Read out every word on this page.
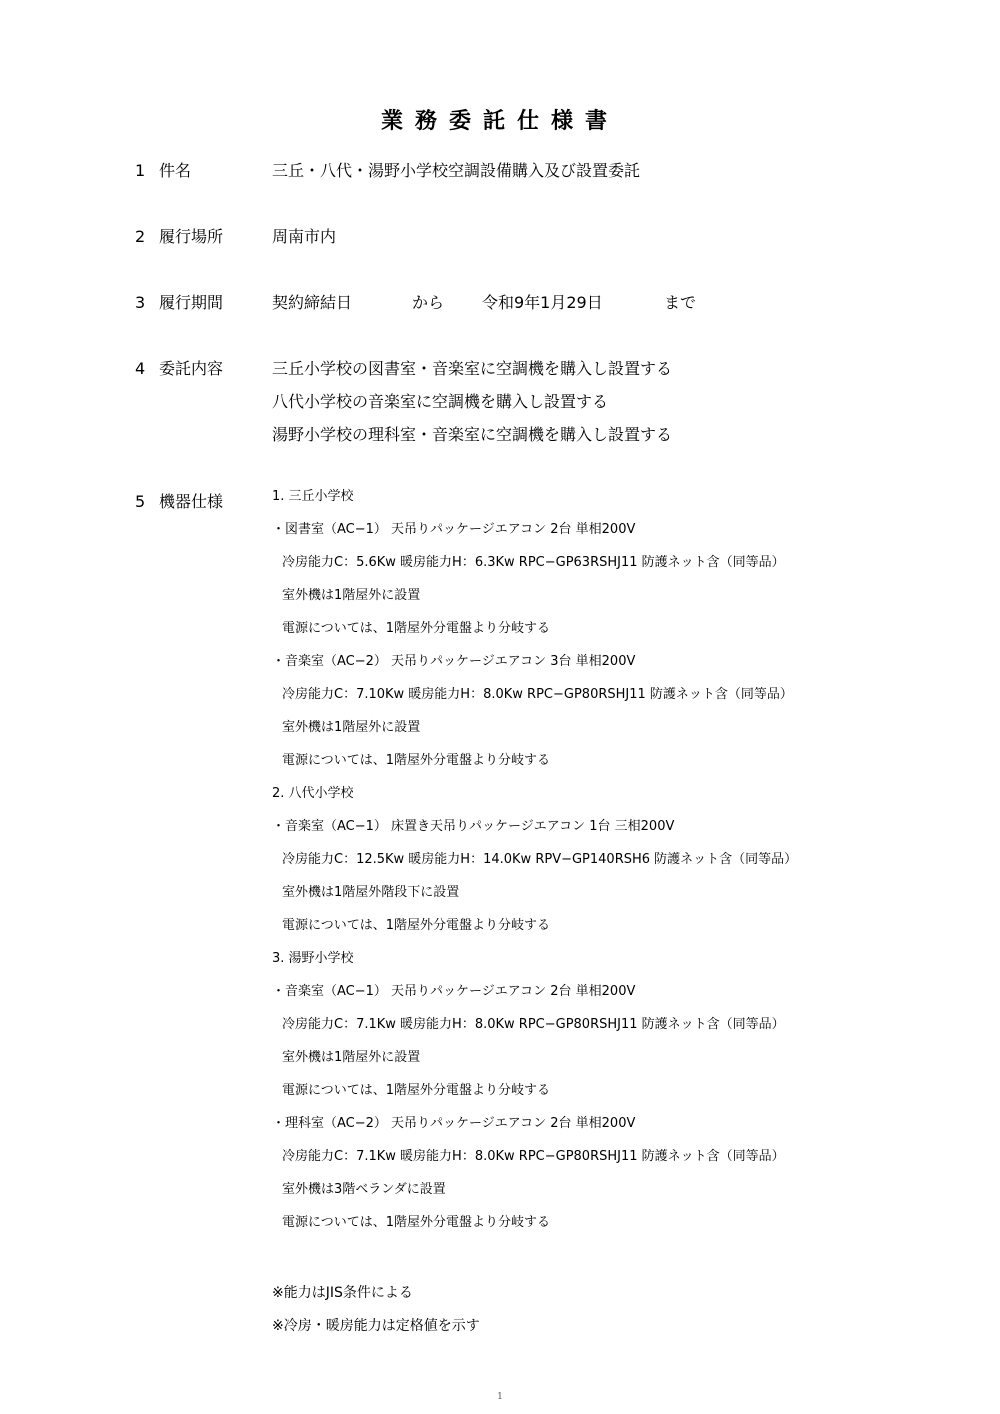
業務委託仕様書
1 件名	三丘・八代・湯野小学校空調設備購入及び設置委託
2 履行場所	周南市内
3 履行期間	契約締結日	から 令和9年1月29日	まで
4 委託内容	三丘小学校の図書室・音楽室に空調機を購入し設置する
八代小学校の音楽室に空調機を購入し設置する
湯野小学校の理科室・音楽室に空調機を購入し設置する
5 機器仕様	1. 三丘小学校
・図書室（AC−1） 天吊りパッケージエアコン 2台 単相200V
冷房能力C：5.6Kw 暖房能力H：6.3Kw RPC−GP63RSHJ11 防護ネット含（同等品）
室外機は1階屋外に設置
電源については、1階屋外分電盤より分岐する
・音楽室（AC−2） 天吊りパッケージエアコン 3台 単相200V
冷房能力C：7.10Kw 暖房能力H：8.0Kw RPC−GP80RSHJ11 防護ネット含（同等品）
室外機は1階屋外に設置
電源については、1階屋外分電盤より分岐する
2. 八代小学校
・音楽室（AC−1） 床置き天吊りパッケージエアコン 1台 三相200V
冷房能力C：12.5Kw 暖房能力H：14.0Kw RPV−GP140RSH6 防護ネット含（同等品）
室外機は1階屋外階段下に設置
電源については、1階屋外分電盤より分岐する
3. 湯野小学校
・音楽室（AC−1） 天吊りパッケージエアコン 2台 単相200V
冷房能力C：7.1Kw 暖房能力H：8.0Kw RPC−GP80RSHJ11 防護ネット含（同等品）
室外機は1階屋外に設置
電源については、1階屋外分電盤より分岐する
・理科室（AC−2） 天吊りパッケージエアコン 2台 単相200V
冷房能力C：7.1Kw 暖房能力H：8.0Kw RPC−GP80RSHJ11 防護ネット含（同等品）
室外機は3階ベランダに設置
電源については、1階屋外分電盤より分岐する
※能力はJIS条件による
※冷房・暖房能力は定格値を示す
1
